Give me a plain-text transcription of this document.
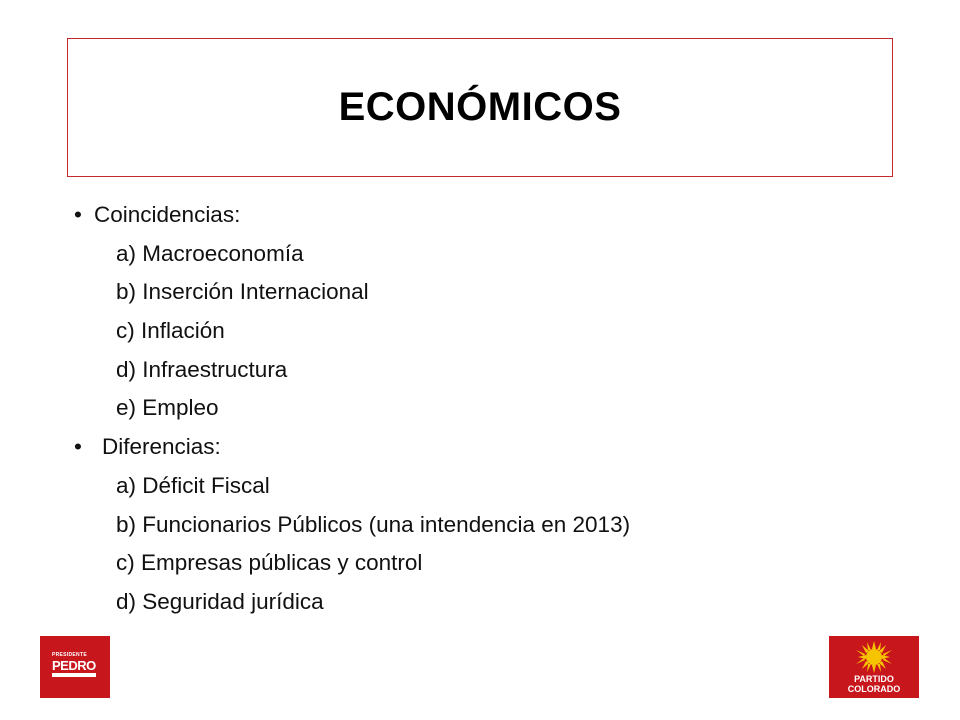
ECONÓMICOS
• Coincidencias:
a) Macroeconomía
b) Inserción Internacional
c) Inflación
d) Infraestructura
e) Empleo
• Diferencias:
a) Déficit Fiscal
b) Funcionarios Públicos (una intendencia en 2013)
c) Empresas públicas y control
d) Seguridad jurídica
PRESIDENTE
PEDRO
PARTIDO
COLORADO
